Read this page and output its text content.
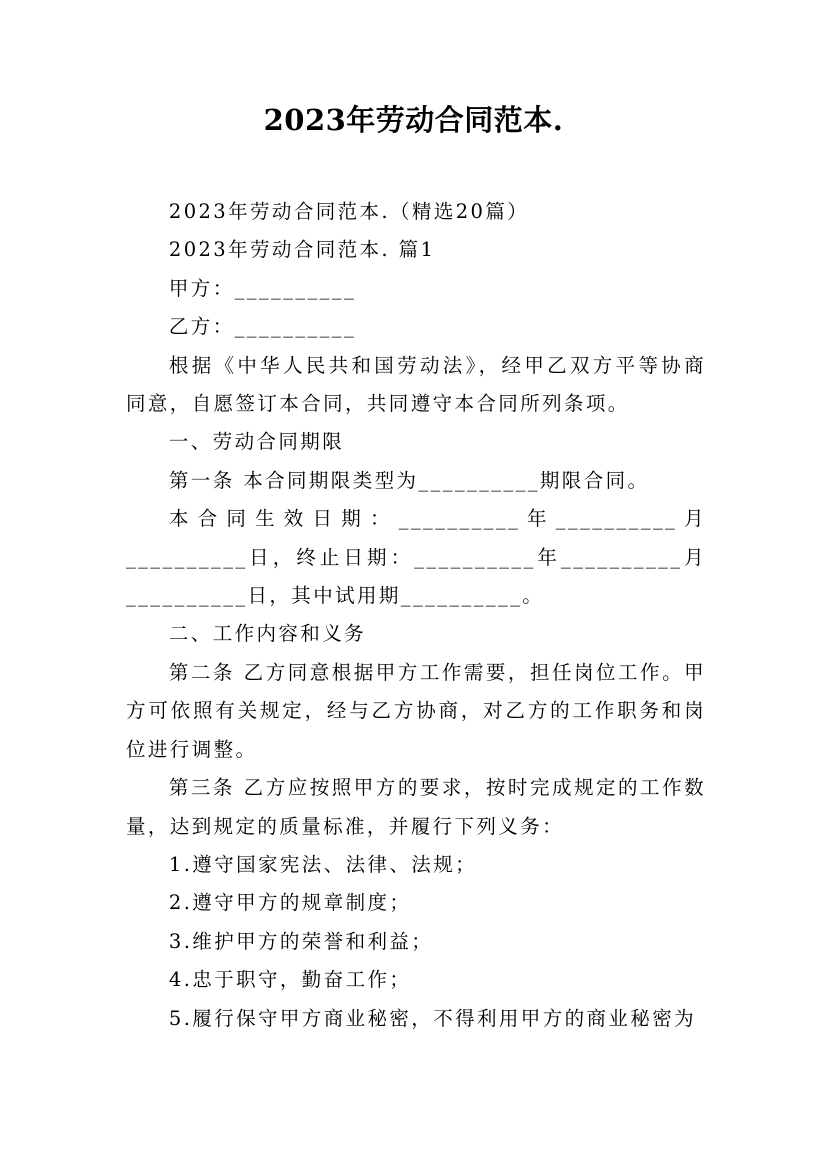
2023年劳动合同范本.

2023年劳动合同范本.（精选20篇）

2023年劳动合同范本. 篇1

甲方：__________

乙方：__________

根据《中华人民共和国劳动法》，经甲乙双方平等协商同意，自愿签订本合同，共同遵守本合同所列条项。

一、劳动合同期限

第一条 本合同期限类型为__________期限合同。

本合同生效日期：__________年__________月__________日，终止日期：__________年__________月__________日，其中试用期__________。

二、工作内容和义务

第二条 乙方同意根据甲方工作需要，担任岗位工作。甲方可依照有关规定，经与乙方协商，对乙方的工作职务和岗位进行调整。

第三条 乙方应按照甲方的要求，按时完成规定的工作数量，达到规定的质量标准，并履行下列义务：

1.遵守国家宪法、法律、法规；

2.遵守甲方的规章制度；

3.维护甲方的荣誉和利益；

4.忠于职守，勤奋工作；

5.履行保守甲方商业秘密，不得利用甲方的商业秘密为
